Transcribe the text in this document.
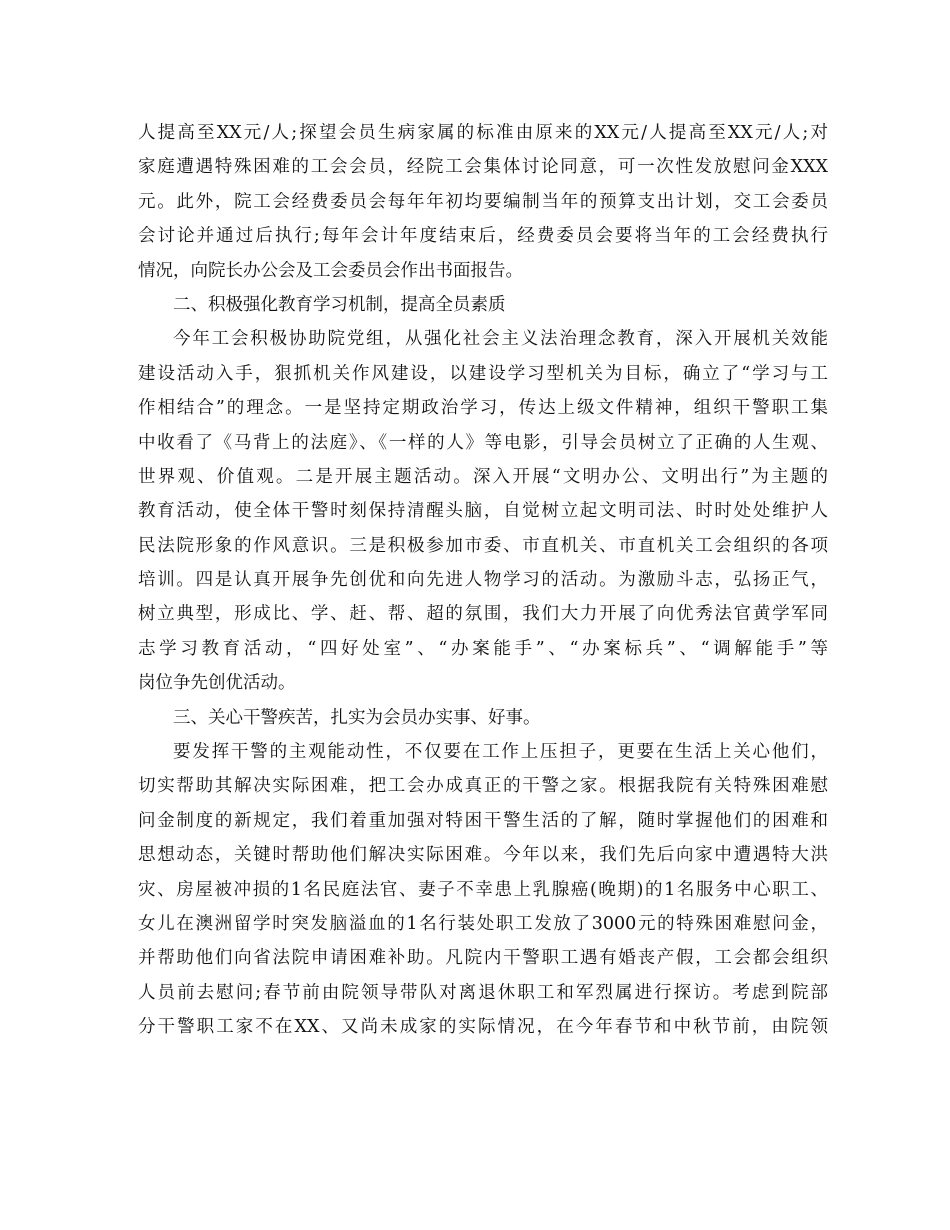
人提高至XX元/人;探望会员生病家属的标准由原来的XX元/人提高至XX元/人;对
家庭遭遇特殊困难的工会会员，经院工会集体讨论同意，可一次性发放慰问金XXX
元。此外，院工会经费委员会每年年初均要编制当年的预算支出计划，交工会委员
会讨论并通过后执行;每年会计年度结束后，经费委员会要将当年的工会经费执行
情况，向院长办公会及工会委员会作出书面报告。
二、积极强化教育学习机制，提高全员素质
今年工会积极协助院党组，从强化社会主义法治理念教育，深入开展机关效能
建设活动入手，狠抓机关作风建设，以建设学习型机关为目标，确立了“学习与工
作相结合”的理念。一是坚持定期政治学习，传达上级文件精神，组织干警职工集
中收看了《马背上的法庭》、《一样的人》等电影，引导会员树立了正确的人生观、
世界观、价值观。二是开展主题活动。深入开展“文明办公、文明出行”为主题的
教育活动，使全体干警时刻保持清醒头脑，自觉树立起文明司法、时时处处维护人
民法院形象的作风意识。三是积极参加市委、市直机关、市直机关工会组织的各项
培训。四是认真开展争先创优和向先进人物学习的活动。为激励斗志，弘扬正气，
树立典型，形成比、学、赶、帮、超的氛围，我们大力开展了向优秀法官黄学军同
志学习教育活动，“四好处室”、“办案能手”、“办案标兵”、“调解能手”等
岗位争先创优活动。
三、关心干警疾苦，扎实为会员办实事、好事。
要发挥干警的主观能动性，不仅要在工作上压担子，更要在生活上关心他们，
切实帮助其解决实际困难，把工会办成真正的干警之家。根据我院有关特殊困难慰
问金制度的新规定，我们着重加强对特困干警生活的了解，随时掌握他们的困难和
思想动态，关键时帮助他们解决实际困难。今年以来，我们先后向家中遭遇特大洪
灾、房屋被冲损的1名民庭法官、妻子不幸患上乳腺癌(晚期)的1名服务中心职工、
女儿在澳洲留学时突发脑溢血的1名行装处职工发放了3000元的特殊困难慰问金，
并帮助他们向省法院申请困难补助。凡院内干警职工遇有婚丧产假，工会都会组织
人员前去慰问;春节前由院领导带队对离退休职工和军烈属进行探访。考虑到院部
分干警职工家不在XX、又尚未成家的实际情况，在今年春节和中秋节前，由院领
